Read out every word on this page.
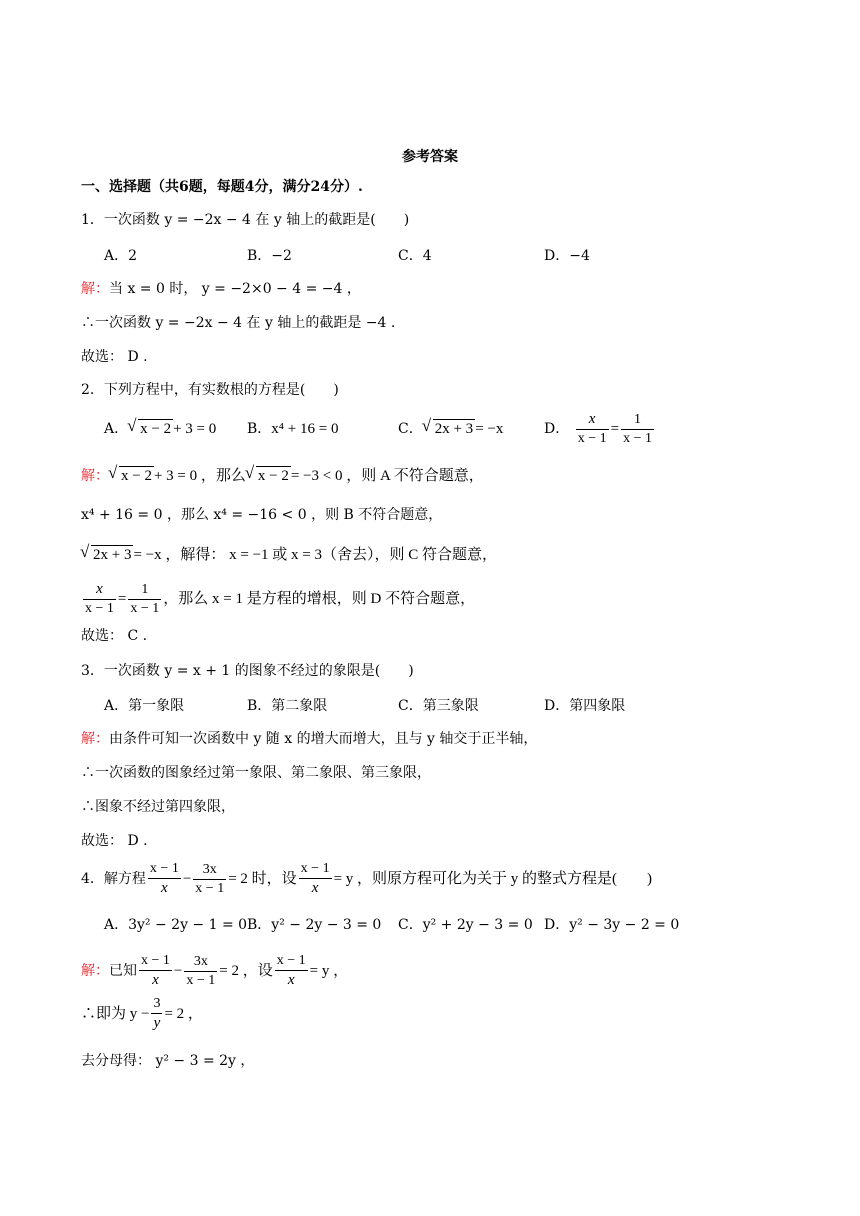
参考答案
一、选择题（共6题，每题4分，满分24分）.
1．一次函数 y = −2x − 4 在 y 轴上的截距是(　　)
A．2	B．−2	C．4	D．−4
解：当 x = 0 时， y = −2×0 − 4 = −4 ，
∴一次函数 y = −2x − 4 在 y 轴上的截距是 −4 .
故选： D .
2．下列方程中，有实数根的方程是(　　)
A． √ x − 2 + 3 = 0 B．x⁴ + 16 = 0	C． √ 2x + 3 = −x	D． $\frac{x}{x - 1} = \frac{1}{x - 1}$
解： √ x − 2 + 3 = 0 ，那么 √ x − 2 = −3 < 0 ，则 A 不符合题意，
x⁴ + 16 = 0 ，那么 x⁴ = −16 < 0 ，则 B 不符合题意，
√ 2x + 3 = −x ，解得： x = −1 或 x = 3（舍去），则 C 符合题意，
$\frac{x}{x - 1} = \frac{1}{x - 1}$ ，那么 x = 1 是方程的增根，则 D 不符合题意，
故选： C .
3．一次函数 y = x + 1 的图象不经过的象限是(　　)
A．第一象限	B．第二象限	C．第三象限	D．第四象限
解：由条件可知一次函数中 y 随 x 的增大而增大，且与 y 轴交于正半轴，
∴一次函数的图象经过第一象限、第二象限、第三象限，
∴图象不经过第四象限，
故选： D .
4．解方程 $\frac{x - 1}{x} - \frac{3x}{x - 1} = 2$ 时，设 $\frac{x - 1}{x} = y$ ，则原方程可化为关于 y 的整式方程是(　　)
A．3y² − 2y − 1 = 0 B．y² − 2y − 3 = 0 C．y² + 2y − 3 = 0 D．y² − 3y − 2 = 0
解：已知 $\frac{x - 1}{x} - \frac{3x}{x - 1} = 2$ ，设 $\frac{x - 1}{x} = y$ ，
∴即为 $y - \frac{3}{y} = 2$ ，
去分母得： y² − 3 = 2y ，
